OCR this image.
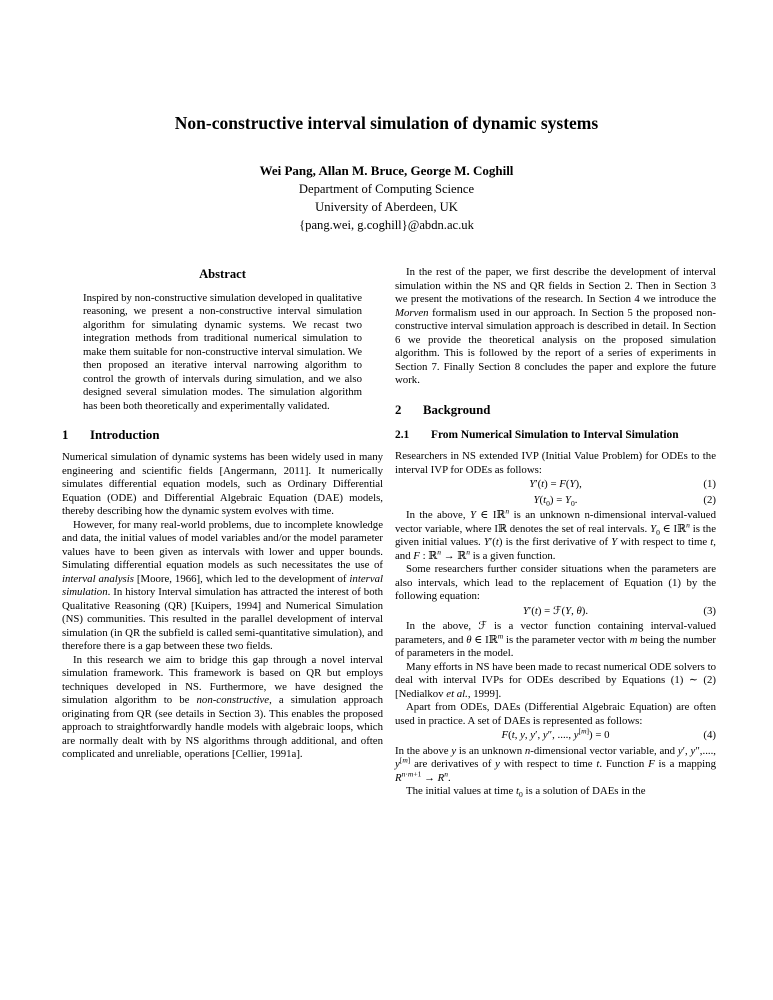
Non-constructive interval simulation of dynamic systems
Wei Pang, Allan M. Bruce, George M. Coghill
Department of Computing Science
University of Aberdeen, UK
{pang.wei, g.coghill}@abdn.ac.uk
Abstract
Inspired by non-constructive simulation developed in qualitative reasoning, we present a non-constructive interval simulation algorithm for simulating dynamic systems. We recast two integration methods from traditional numerical simulation to make them suitable for non-constructive interval simulation. We then proposed an iterative interval narrowing algorithm to control the growth of intervals during simulation, and we also designed several simulation modes. The simulation algorithm has been both theoretically and experimentally validated.
1	Introduction

Numerical simulation of dynamic systems has been widely used in many engineering and scientific fields [Angermann, 2011]. It numerically simulates differential equation models, such as Ordinary Differential Equation (ODE) and Differential Algebraic Equation (DAE) models, thereby describing how the dynamic system evolves with time.

However, for many real-world problems, due to incomplete knowledge and data, the initial values of model variables and/or the model parameter values have to been given as intervals with lower and upper bounds. Simulating differential equation models as such necessitates the use of interval analysis [Moore, 1966], which led to the development of interval simulation. In history Interval simulation has attracted the interest of both Qualitative Reasoning (QR) [Kuipers, 1994] and Numerical Simulation (NS) communities. This resulted in the parallel development of interval simulation (in QR the subfield is called semi-quantitative simulation), and therefore there is a gap between these two fields.

In this research we aim to bridge this gap through a novel interval simulation framework. This framework is based on QR but employs techniques developed in NS. Furthermore, we have designed the simulation algorithm to be non-constructive, a simulation approach originating from QR (see details in Section 3). This enables the proposed approach to straightforwardly handle models with algebraic loops, which are normally dealt with by NS algorithms through additional, and often complicated and unreliable, operations [Cellier, 1991a].

In the rest of the paper, we first describe the development of interval simulation within the NS and QR fields in Section 2. Then in Section 3 we present the motivations of the research. In Section 4 we introduce the Morven formalism used in our approach. In Section 5 the proposed non-constructive interval simulation approach is described in detail. In Section 6 we provide the theoretical analysis on the proposed simulation algorithm. This is followed by the report of a series of experiments in Section 7. Finally Section 8 concludes the paper and explore the future work.

2	Background
2.1	From Numerical Simulation to Interval Simulation

Researchers in NS extended IVP (Initial Value Problem) for ODEs to the interval IVP for ODEs as follows:

Y′(t) = F(Y),	(1)
$Y(t_0) = Y_0$.	(2)

In the above, Y ∈ Iℝ$^n$ is an unknown n-dimensional interval-valued vector variable, where Iℝ denotes the set of real intervals. $Y_0$ ∈ Iℝ$^n$ is the given initial values. Y′(t) is the first derivative of Y with respect to time t, and F : ℝ$^n$ → ℝ$^n$ is a given function.

Some researchers further consider situations when the parameters are also intervals, which lead to the replacement of Equation (1) by the following equation:

Y′(t) = ℱ(Y, θ).	(3)

In the above, ℱ is a vector function containing interval-valued parameters, and θ ∈ Iℝ$^m$ is the parameter vector with m being the number of parameters in the model.

Many efforts in NS have been made to recast numerical ODE solvers to deal with interval IVPs for ODEs described by Equations (1) ∼ (2) [Nedialkov et al., 1999].

Apart from ODEs, DAEs (Differential Algebraic Equation) are often used in practice. A set of DAEs is represented as follows:

F(t, y, y′, y″, ...., y[m]) = 0	(4)

In the above y is an unknown n-dimensional vector variable, and y′, y″,...., y[m] are derivatives of y with respect to time t. Function F is a mapping $R^{n\cdot m+1} \to R^n$.

The initial values at time $t_0$ is a solution of DAEs in the
